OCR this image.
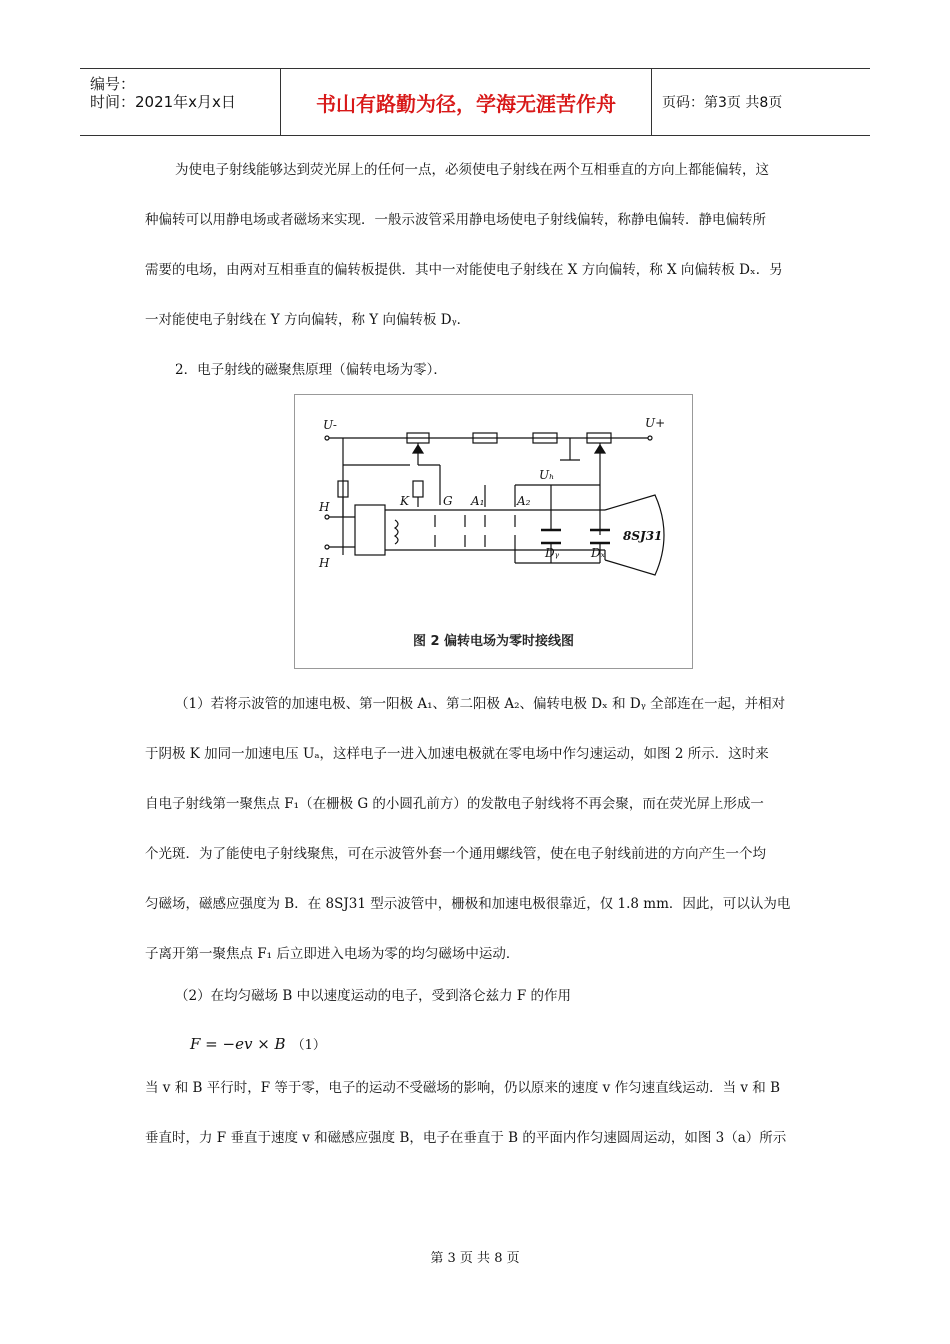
编号：
时间：2021年x月x日	书山有路勤为径，学海无涯苦作舟	页码：第3页 共8页
为使电子射线能够达到荧光屏上的任何一点，必须使电子射线在两个互相垂直的方向上都能偏转，这
种偏转可以用静电场或者磁场来实现．一般示波管采用静电场使电子射线偏转，称静电偏转．静电偏转所
需要的电场，由两对互相垂直的偏转板提供．其中一对能使电子射线在 X 方向偏转，称 X 向偏转板 Dₓ．另
一对能使电子射线在 Y 方向偏转，称 Y 向偏转板 Dᵧ．
2．电子射线的磁聚焦原理（偏转电场为零）．
U-	U+
H
H
K	G A₁	A₂
Uₕ
Dᵧ	Dₓ
8SJ31
图 2 偏转电场为零时接线图
（1）若将示波管的加速电极、第一阳极 A₁、第二阳极 A₂、偏转电极 Dₓ 和 Dᵧ 全部连在一起，并相对
于阴极 K 加同一加速电压 Uₐ，这样电子一进入加速电极就在零电场中作匀速运动，如图 2 所示．这时来
自电子射线第一聚焦点 F₁（在栅极 G 的小圆孔前方）的发散电子射线将不再会聚，而在荧光屏上形成一
个光斑．为了能使电子射线聚焦，可在示波管外套一个通用螺线管，使在电子射线前进的方向产生一个均
匀磁场，磁感应强度为 B．在 8SJ31 型示波管中，栅极和加速电极很靠近，仅 1.8 mm．因此，可以认为电
子离开第一聚焦点 F₁ 后立即进入电场为零的均匀磁场中运动．
（2）在均匀磁场 B 中以速度运动的电子，受到洛仑兹力 F 的作用
F = −ev × B （1）
当 v 和 B 平行时，F 等于零，电子的运动不受磁场的影响，仍以原来的速度 v 作匀速直线运动．当 v 和 B
垂直时，力 F 垂直于速度 v 和磁感应强度 B，电子在垂直于 B 的平面内作匀速圆周运动，如图 3（a）所示
第 3 页 共 8 页
